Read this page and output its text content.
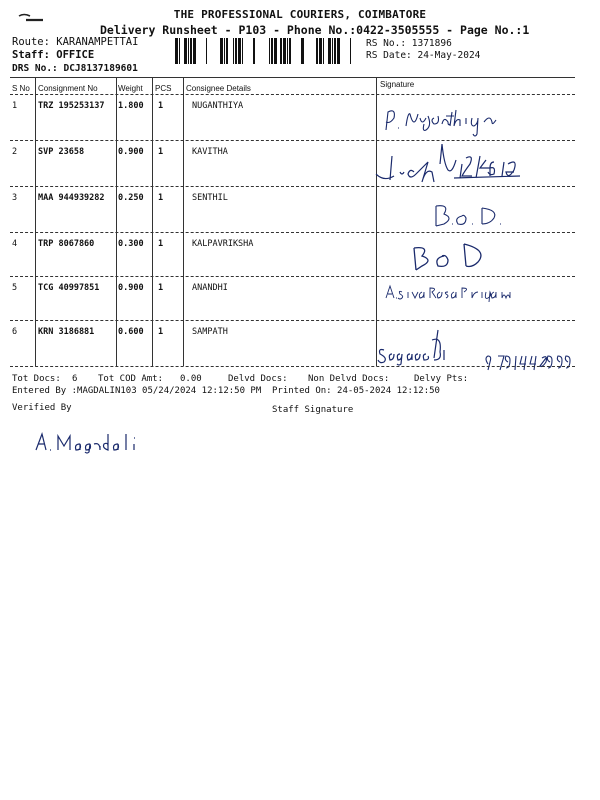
THE PROFESSIONAL COURIERS, COIMBATORE
Delivery Runsheet - P103 - Phone No.:0422-3505555 - Page No.:1
Route: KARANAMPETTAI
Staff: OFFICE
DRS No.: DCJ8137189601
RS No.: 1371896
RS Date: 24-May-2024
S No Consignment No	Weight PCS Consignee Details	Signature
1 TRZ 195253137 1.800 1	NUGANTHIYA
2 SVP 23658	0.900 1	KAVITHA
3 MAA 944939282 0.250 1	SENTHIL
4 TRP 8067860	0.300 1	KALPAVRIKSHA
5 TCG 40997851 0.900 1	ANANDHI
6 KRN 3186881	0.600 1	SAMPATH
Tot Docs: 6 Tot COD Amt: 0.00	Delvd Docs: Non Delvd Docs:	Delvy Pts:
Entered By :MAGDALIN103 05/24/2024 12:12:50 PM Printed On: 24-05-2024 12:12:50
Verified By	Staff Signature
